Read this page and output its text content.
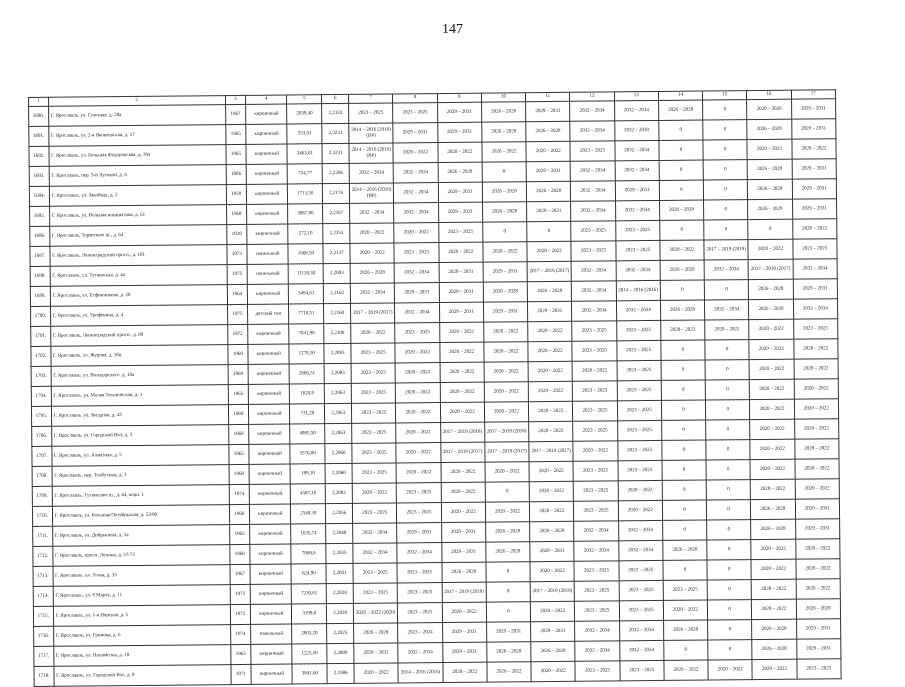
147
1	2	3	4	5	6	7	8	9	10	11	12	13	14	15	16	17
1690.	Г. Ярославль, ул. Союзная, д. 28а	1967	кирпичный	2039,40	2,2332	2023 – 2025	2023 – 2025	2029 – 2031	2026 – 2028	2029 – 2031	2032 – 2034	2032 – 2034	2026 – 2028	0	2020 – 2028	2029 – 2031
1691.	Г. Ярославль, ул. 2-я Яковлевская, д. 17	1965	кирпичный	553,81	2,3231	2014 – 2016 (2016) (ВР)	2029 – 2031	2029 – 2031	2026 – 2028	2026 – 2028	2032 – 2034	2032 – 2030	0	0	2026 – 2028	2029 – 2031
1692.	Г. Ярославль, ул. Большая Федоровская, д. 39а	1965	кирпичный	3463,61	2,3231	2014 – 2016 (2016) (ВР)	2020 – 2022	2020 – 2022	2026 – 2022	2020 – 2022	2023 – 2025	2032 – 2034	0	0	2020 – 2022	2020 – 2022
1693.	Г. Ярославль, пер. 3-й Луговой, д. 6	1986	кирпичный	754,77	2,2206	2032 – 2034	2032 – 2034	2026 – 2028	0	2029 – 2031	2032 – 2034	2032 – 2034	0	0	2026 – 2028	2029 – 2031
1694.	Г. Ярославль, ул. Закобяда, д. 2	1959	кирпичный	1713,50	2,2176	2014 – 2016 (2016) (ВР)	2032 – 2034	2029 – 2031	2026 – 2028	2026 – 2028	2032 – 2034	2029 – 2031	0	0	2026 – 2028	2029 – 2031
1695.	Г. Ярославль, ул. Вольная инициатива, д. 61	1968	кирпичный	3067,00	2,2167	2032 – 2034	2032 – 2034	2029 – 2031	2026 – 2028	2029 – 2031	2032 – 2034	2032 – 2034	2026 – 2028	0	2026 – 2028	2029 – 2031
1696.	Г. Ярославль, Тормозное ш., д. 64	1939	кирпичный	272,10	2,2153	2020 – 2022	2020 – 2022	2023 – 2025	0	0	2023 – 2025	2023 – 2025	0	0	0	2020 – 2022
1697.	Г. Ярославль, Ленинградский просп., д. 101	1973	панельный	1668,50	2,2137	2020 – 2022	2023 – 2025	2020 – 2022	2020 – 2022	2020 – 2022	2023 – 2025	2023 – 2025	2020 – 2022	2017 – 2019 (2019)	2020 – 2022	2023 – 2025
1698.	Г. Ярославль, ул. Тутаевская, д. 4а	1975	панельный	11138,30	2,2003	2026 – 2028	2032 – 2034	2029 – 2031	2029 – 2031	2017 – 2019 (2017)	2032 – 2034	2032 – 2034	2026 – 2028	2032 – 2034	2017 – 2019 (2017)	2032 – 2034
1699.	Г. Ярославль, ул. Есфинникова, д. 28	1964	кирпичный	3494,61	2,2162	2032 – 2034	2029 – 2031	2029 – 2031	2026 – 2028	2026 – 2028	2032 – 2034	2014 – 2016 (2016)	0	0	2026 – 2028	2029 – 2031
1700.	Г. Ярославль, ул. Урофевина, д. 4	1975	детский тип	7710,51	2,2160	2017 – 2019 (2017)	2032 – 2034	2029 – 2031	2029 – 2031	2029 – 2031	2032 – 2034	2032 – 2034	2026 – 2028	2032 – 2034	2026 – 2028	2032 – 2034
1701.	Г. Ярославль, Ленинградский просп., д. 89	1972	кирпичный	7841,98	2,2100	2020 – 2022	2023 – 2025	2020 – 2022	2020 – 2022	2020 – 2022	2023 – 2025	2023 – 2025	2020 – 2022	2020 – 2022	2020 – 2022	2023 – 2025
1702.	Г. Ярославль, ул. Журова, д. 10а	1969	кирпичный	1278,50	2,2083	2023 – 2025	2020 – 2022	2020 – 2022	2020 – 2022	2020 – 2022	2023 – 2025	2023 – 2025	0	0	2020 – 2022	2020 – 2022
1703.	Г. Ярославль, ул. Володарского, д. 10а	1969	кирпичный	2606,51	2,2083	2023 – 2025	2020 – 2022	2020 – 2022	2020 – 2022	2020 – 2022	2020 – 2022	2023 – 2025	0	0	2020 – 2022	2020 – 2022
1704.	Г. Ярославль, ул. Малая Техническая, д. 1	1965	кирпичный	1620,9	2,2063	2023 – 2025	2020 – 2022	2020 – 2022	2020 – 2022	2020 – 2022	2023 – 2025	2023 – 2025	0	0	2020 – 2022	2020 – 2022
1705.	Г. Ярославль, ул. Звездная, д. 45	1969	кирпичный	731,20	2,2063	2023 – 2025	2020 – 2022	2020 – 2022	2020 – 2022	2020 – 2022	2023 – 2025	2023 – 2025	0	0	2020 – 2022	2020 – 2022
1706.	Г. Ярославль, ул. Городской Вал, д. 3	1969	кирпичный	4985,50	2,2063	2023 – 2025	2020 – 2022	2017 – 2019 (2018)	2017 – 2019 (2018)	2020 – 2022	2023 – 2025	2023 – 2025	0	0	2020 – 2022	2020 – 2022
1707.	Г. Ярославль, ул. Алмазная, д. 5	1965	кирпичный	3576,80	2,2060	2023 – 2025	2020 – 2022	2017 – 2019 (2017)	2017 – 2019 (2017)	2017 – 2019 (2017)	2020 – 2022	2023 – 2025	0	0	2020 – 2022	2020 – 2022
1708.	Г. Ярославль, пер. Толбухина, д. 3	1969	кирпичный	189,10	2,2060	2023 – 2025	2020 – 2022	2020 – 2022	2020 – 2022	2020 – 2022	2023 – 2025	2023 – 2025	0	0	2020 – 2022	2020 – 2022
1709.	Г. Ярославль, Тутаевское ш., д. 64, корп. 1	1974	кирпичный	4587,10	2,2082	2020 – 2022	2023 – 2025	2020 – 2022	0	2020 – 2022	2023 – 2025	2020 – 2022	0	0	2020 – 2022	2020 – 2022
1710.	Г. Ярославль, ул. Большая Октябрьская, д. 53/90	1960	кирпичный	2549,30	2,2056	2023 – 2025	2023 – 2025	2020 – 2022	2020 – 2022	2020 – 2022	2023 – 2025	2020 – 2022	0	0	2026 – 2028	2029 – 2031
1711.	Г. Ярославль, ул. Добрынина, д. 5а	1965	кирпичный	1635,74	2,2048	2032 – 2034	2029 – 2031	2029 – 2031	2026 – 2028	2026 – 2028	2032 – 2034	2032 – 2034	0	0	2026 – 2028	2029 – 2031
1712.	Г. Ярославль, просп. Ленина, д. 57/73	1960	кирпичный	7068,6	2,2035	2032 – 2034	2032 – 2034	2029 – 2031	2026 – 2028	2029 – 2031	2032 – 2034	2032 – 2034	2026 – 2028	0	2020 – 2022	2020 – 2022
1713.	Г. Ярославль, ул. Угача, д. 33	1967	кирпичный	624,90	2,2031	2023 – 2025	2023 – 2025	2026 – 2028	0	2020 – 2022	2023 – 2025	2023 – 2025	0	0	2020 – 2022	2020 – 2022
1714.	Г. Ярославль, ул. 8 Марта, д. 11	1975	кирпичный	7230,61	2,2028	2023 – 2025	2023 – 2025	2017 – 2019 (2018)	0	2017 – 2019 (2019)	2023 – 2025	2023 – 2025	2023 – 2025	0	2020 – 2022	2020 – 2022
1715.	Г. Ярославль, ул. 1-я Норская, д. 5	1975	кирпичный	3199,0	2,2028	2020 – 2022 (2020)	2023 – 2025	2020 – 2022	0	2020 – 2022	2023 – 2025	2023 – 2025	2020 – 2022	0	2020 – 2022	2026 – 2028
1716.	Г. Ярославль, ул. Громова, д. 6	1974	панельный	2805,20	2,2025	2026 – 2028	2023 – 2024	2029 – 2031	2029 – 2031	2029 – 2031	2032 – 2034	2032 – 2034	2026 – 2028	0	2026 – 2028	2029 – 2031
1717.	Г. Ярославль, ул. Нахимсона, д. 18	1963	кирпичный	1225,50	2,2009	2029 – 2031	2032 – 2034	2029 – 2031	2026 – 2028	2026 – 2028	2032 – 2034	2032 – 2034	0	0	2026 – 2028	2029 – 2031
1718.	Г. Ярославль, ул. Городской Вал, д. 8	1971	кирпичный	3841,60	2,1986	2020 – 2022	2014 – 2016 (2016)	2020 – 2022	2020 – 2022	2020 – 2022	2023 – 2025	2023 – 2025	2020 – 2022	2020 – 2022	2020 – 2022	2023 – 2025
